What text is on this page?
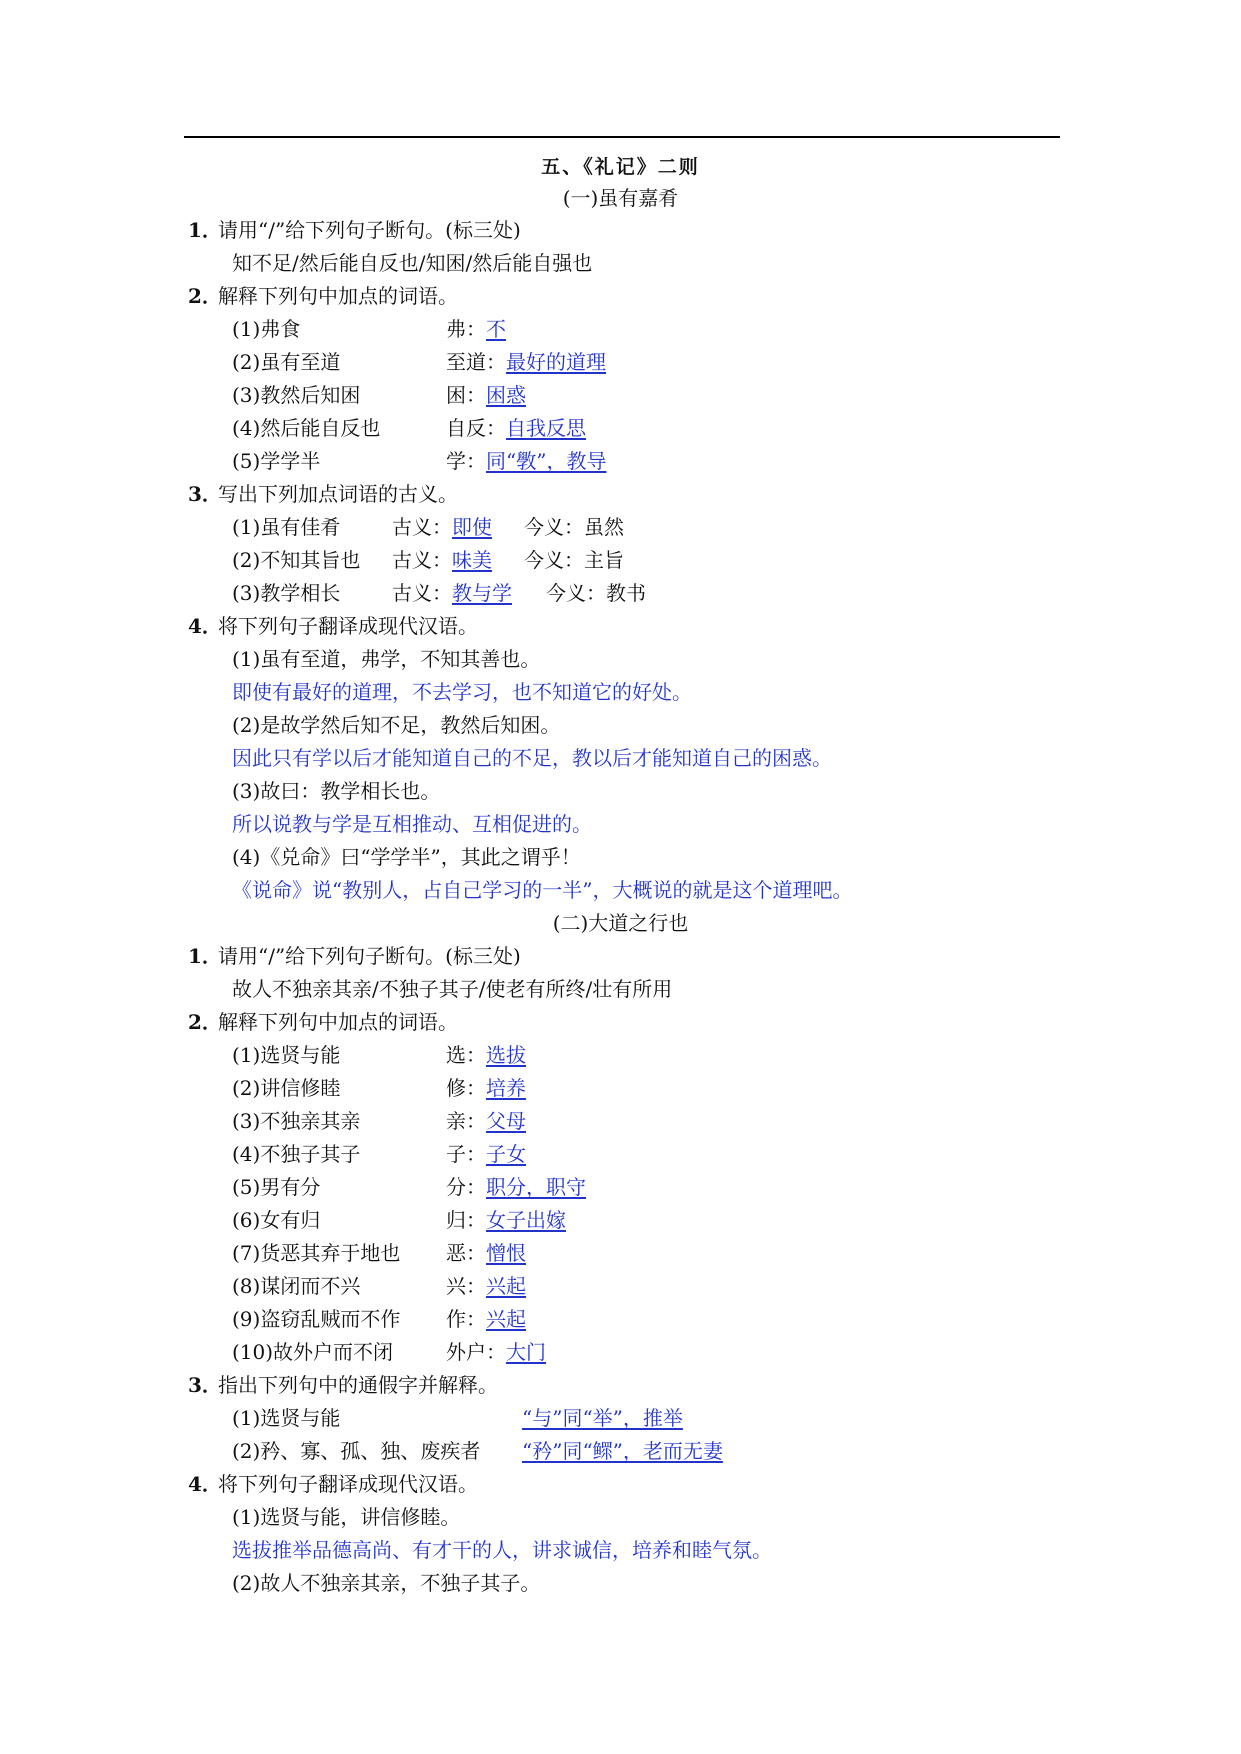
五、《礼记》二则
(一)虽有嘉肴
1．
请用“/”给下列句子断句。(标三处)
知不足/然后能自反也/知困/然后能自强也
2．
解释下列句中加点的词语。
(1)弗食	弗：不
(2)虽有至道	至道：最好的道理
(3)教然后知困	困：困惑
(4)然后能自反也	自反：自我反思
(5)学学半	学：同“斆”，教导
3．
写出下列加点词语的古义。
(1)虽有佳肴	古义：即使 今义：虽然
(2)不知其旨也 古义：味美 今义：主旨
(3)教学相长	古义：教与学 今义：教书
4．
将下列句子翻译成现代汉语。
(1)虽有至道，弗学，不知其善也。
即使有最好的道理，不去学习，也不知道它的好处。
(2)是故学然后知不足，教然后知困。
因此只有学以后才能知道自己的不足，教以后才能知道自己的困惑。
(3)故曰：教学相长也。
所以说教与学是互相推动、互相促进的。
(4)《兑命》曰“学学半”，其此之谓乎！
《说命》说“教别人，占自己学习的一半”，大概说的就是这个道理吧。
(二)大道之行也
1．
请用“/”给下列句子断句。(标三处)
故人不独亲其亲/不独子其子/使老有所终/壮有所用
2．
解释下列句中加点的词语。
(1)选贤与能	选：选拔
(2)讲信修睦	修：培养
(3)不独亲其亲	亲：父母
(4)不独子其子	子：子女
(5)男有分	分：职分，职守
(6)女有归	归：女子出嫁
(7)货恶其弃于地也 恶：憎恨
(8)谋闭而不兴	兴：兴起
(9)盗窃乱贼而不作 作：兴起
(10)故外户而不闭	外户：大门
3．
指出下列句中的通假字并解释。
(1)选贤与能	“与”同“举”，推举
(2)矜、寡、孤、独、废疾者 “矜”同“鳏”，老而无妻
4．
将下列句子翻译成现代汉语。
(1)选贤与能，讲信修睦。
选拔推举品德高尚、有才干的人，讲求诚信，培养和睦气氛。
(2)故人不独亲其亲，不独子其子。
